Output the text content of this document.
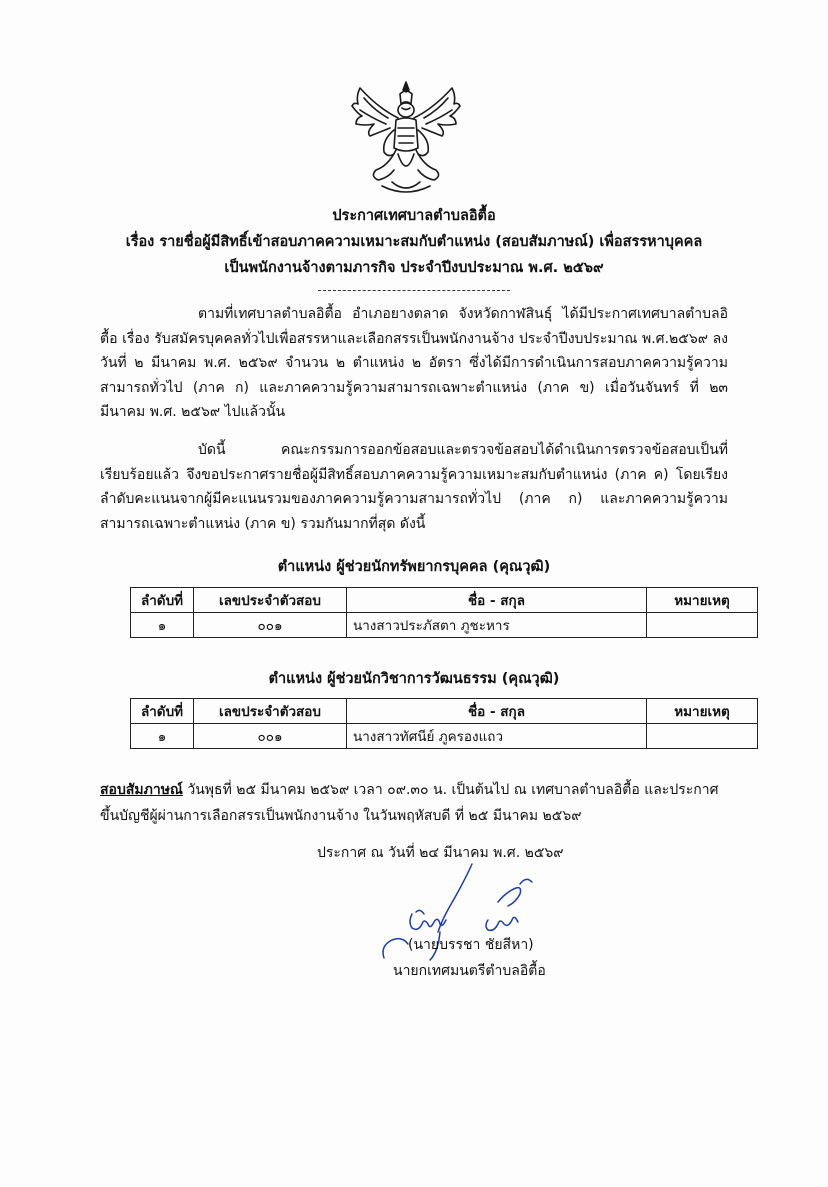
ประกาศเทศบาลตำบลอิตื้อ
เรื่อง รายชื่อผู้มีสิทธิ์เข้าสอบภาคความเหมาะสมกับตำแหน่ง (สอบสัมภาษณ์) เพื่อสรรหาบุคคล
เป็นพนักงานจ้างตามภารกิจ ประจำปีงบประมาณ พ.ศ. ๒๕๖๙
ตามที่เทศบาลตำบลอิตื้อ อำเภอยางตลาด จังหวัดกาฬสินธุ์ ได้มีประกาศเทศบาลตำบลอิตื้อ เรื่อง รับสมัครบุคคลทั่วไปเพื่อสรรหาและเลือกสรรเป็นพนักงานจ้าง ประจำปีงบประมาณ พ.ศ.๒๕๖๙ ลงวันที่ ๒ มีนาคม พ.ศ. ๒๕๖๙ จำนวน ๒ ตำแหน่ง ๒ อัตรา ซึ่งได้มีการดำเนินการสอบภาคความรู้ความสามารถทั่วไป (ภาค ก) และภาคความรู้ความสามารถเฉพาะตำแหน่ง (ภาค ข) เมื่อวันจันทร์ ที่ ๒๓ มีนาคม พ.ศ. ๒๕๖๙ ไปแล้วนั้น
บัดนี้ คณะกรรมการออกข้อสอบและตรวจข้อสอบได้ดำเนินการตรวจข้อสอบเป็นที่เรียบร้อยแล้ว จึงขอประกาศรายชื่อผู้มีสิทธิ์สอบภาคความรู้ความเหมาะสมกับตำแหน่ง (ภาค ค) โดยเรียงลำดับคะแนนจากผู้มีคะแนนรวมของภาคความรู้ความสามารถทั่วไป (ภาค ก) และภาคความรู้ความสามารถเฉพาะตำแหน่ง (ภาค ข) รวมกันมากที่สุด ดังนี้
ตำแหน่ง ผู้ช่วยนักทรัพยากรบุคคล (คุณวุฒิ)
ลำดับที่	เลขประจำตัวสอบ	ชื่อ - สกุล	หมายเหตุ
๑	๐๐๑	นางสาวประภัสตา ภูชะหาร	
ตำแหน่ง ผู้ช่วยนักวิชาการวัฒนธรรม (คุณวุฒิ)
ลำดับที่	เลขประจำตัวสอบ	ชื่อ - สกุล	หมายเหตุ
๑	๐๐๑	นางสาวทัศนีย์ ภูครองแถว	
สอบสัมภาษณ์ วันพุธที่ ๒๕ มีนาคม ๒๕๖๙ เวลา ๐๙.๓๐ น. เป็นต้นไป ณ เทศบาลตำบลอิตื้อ และประกาศขึ้นบัญชีผู้ผ่านการเลือกสรรเป็นพนักงานจ้าง ในวันพฤหัสบดี ที่ ๒๕ มีนาคม ๒๕๖๙
ประกาศ ณ วันที่ ๒๔ มีนาคม พ.ศ. ๒๕๖๙
(นายบรรชา ชัยสีหา)
นายกเทศมนตรีตำบลอิตื้อ
